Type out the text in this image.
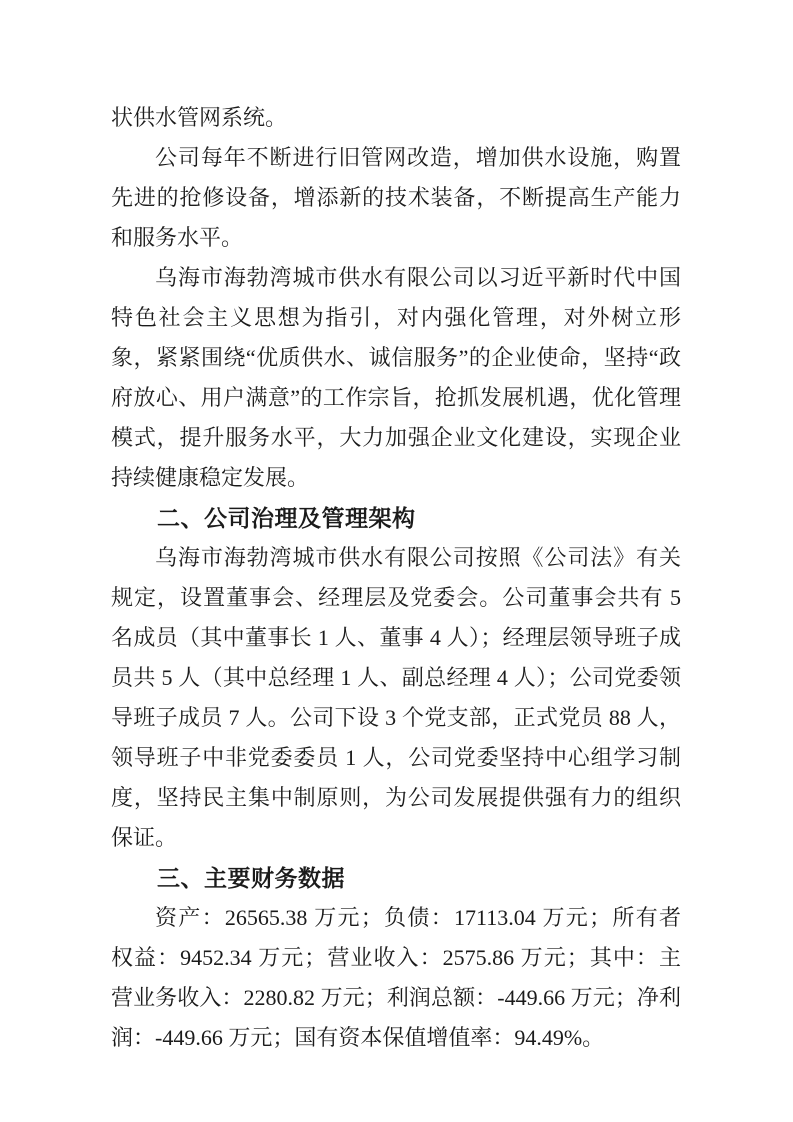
状供水管网系统。

公司每年不断进行旧管网改造，增加供水设施，购置先进的抢修设备，增添新的技术装备，不断提高生产能力和服务水平。

乌海市海勃湾城市供水有限公司以习近平新时代中国特色社会主义思想为指引，对内强化管理，对外树立形象，紧紧围绕“优质供水、诚信服务”的企业使命，坚持“政府放心、用户满意”的工作宗旨，抢抓发展机遇，优化管理模式，提升服务水平，大力加强企业文化建设，实现企业持续健康稳定发展。

二、公司治理及管理架构

乌海市海勃湾城市供水有限公司按照《公司法》有关规定，设置董事会、经理层及党委会。公司董事会共有 5 名成员（其中董事长 1 人、董事 4 人）；经理层领导班子成员共 5 人（其中总经理 1 人、副总经理 4 人）；公司党委领导班子成员 7 人。公司下设 3 个党支部，正式党员 88 人，领导班子中非党委委员 1 人，公司党委坚持中心组学习制度，坚持民主集中制原则，为公司发展提供强有力的组织保证。

三、主要财务数据

资产：26565.38 万元；负债：17113.04 万元；所有者权益：9452.34 万元；营业收入：2575.86 万元；其中：主营业务收入：2280.82 万元；利润总额：-449.66 万元；净利润：-449.66 万元；国有资本保值增值率：94.49%。
